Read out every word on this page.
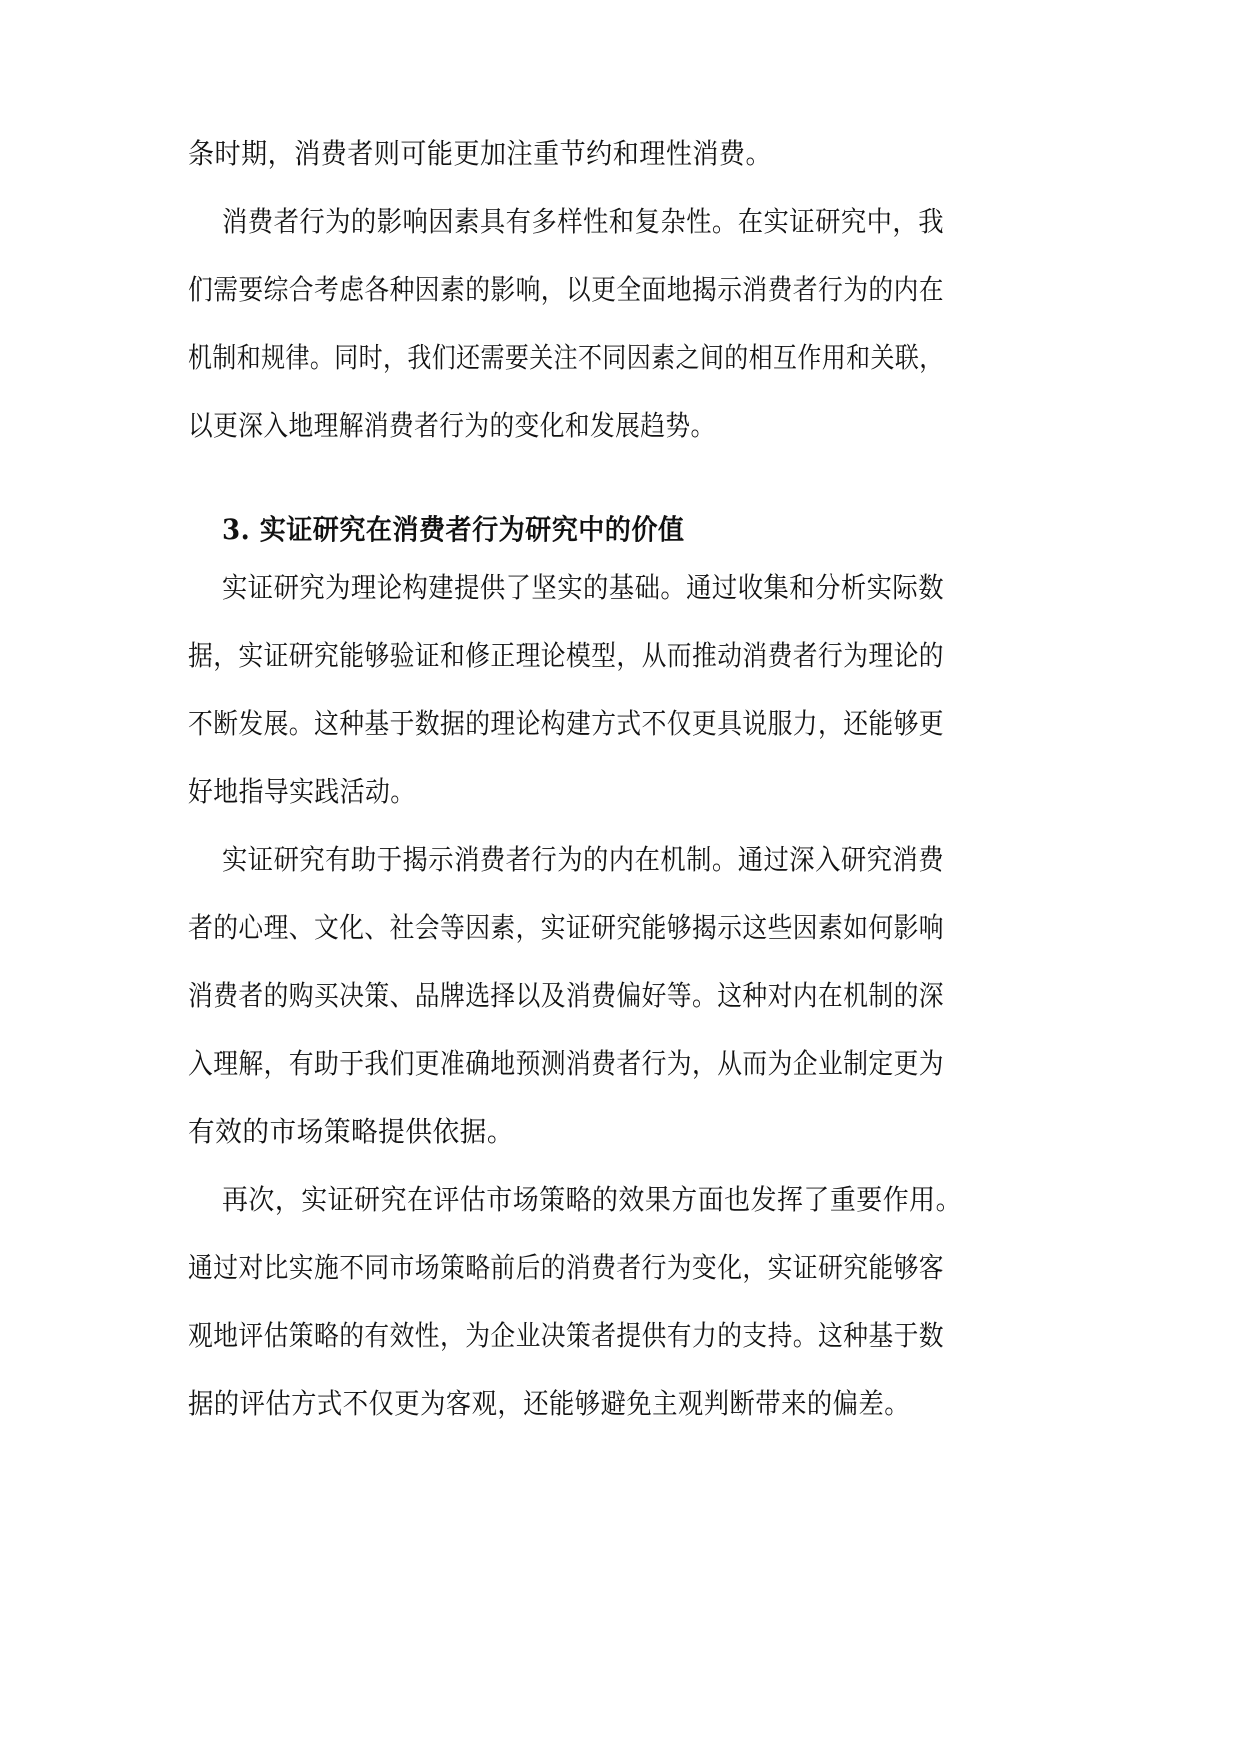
条时期，消费者则可能更加注重节约和理性消费。

消费者行为的影响因素具有多样性和复杂性。在实证研究中，我

们需要综合考虑各种因素的影响，以更全面地揭示消费者行为的内在

机制和规律。同时，我们还需要关注不同因素之间的相互作用和关联，

以更深入地理解消费者行为的变化和发展趋势。

3. 实证研究在消费者行为研究中的价值

实证研究为理论构建提供了坚实的基础。通过收集和分析实际数

据，实证研究能够验证和修正理论模型，从而推动消费者行为理论的

不断发展。这种基于数据的理论构建方式不仅更具说服力，还能够更

好地指导实践活动。

实证研究有助于揭示消费者行为的内在机制。通过深入研究消费

者的心理、文化、社会等因素，实证研究能够揭示这些因素如何影响

消费者的购买决策、品牌选择以及消费偏好等。这种对内在机制的深

入理解，有助于我们更准确地预测消费者行为，从而为企业制定更为

有效的市场策略提供依据。

再次，实证研究在评估市场策略的效果方面也发挥了重要作用。

通过对比实施不同市场策略前后的消费者行为变化，实证研究能够客

观地评估策略的有效性，为企业决策者提供有力的支持。这种基于数

据的评估方式不仅更为客观，还能够避免主观判断带来的偏差。
